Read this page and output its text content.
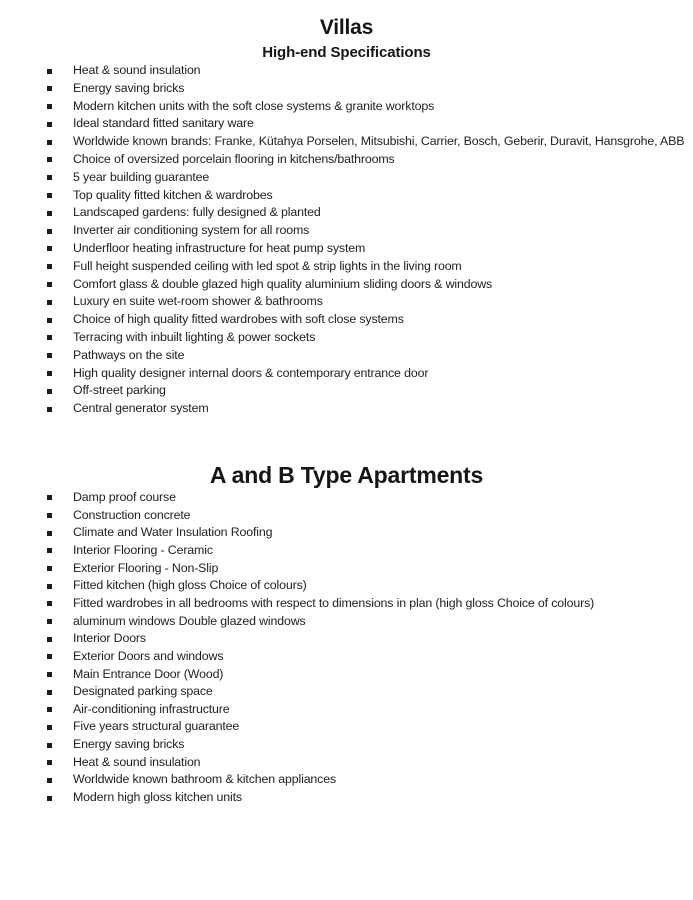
Villas
High-end Specifications
Heat & sound insulation
Energy saving bricks
Modern kitchen units with the soft close systems & granite worktops
Ideal standard fitted sanitary ware
Worldwide known brands: Franke, Kütahya Porselen, Mitsubishi, Carrier, Bosch, Geberir, Duravit, Hansgrohe, ABB
Choice of oversized porcelain flooring in kitchens/bathrooms
5 year building guarantee
Top quality fitted kitchen & wardrobes
Landscaped gardens: fully designed & planted
Inverter air conditioning system for all rooms
Underfloor heating infrastructure for heat pump system
Full height suspended ceiling with led spot & strip lights in the living room
Comfort glass & double glazed high quality aluminium sliding doors & windows
Luxury en suite wet-room shower & bathrooms
Choice of high quality fitted wardrobes with soft close systems
Terracing with inbuilt lighting & power sockets
Pathways on the site
High quality designer internal doors & contemporary entrance door
Off-street parking
Central generator system
A and B Type Apartments
Damp proof course
Construction concrete
Climate and Water Insulation Roofing
Interior Flooring - Ceramic
Exterior Flooring - Non-Slip
Fitted kitchen (high gloss Choice of colours)
Fitted wardrobes in all bedrooms with respect to dimensions in plan (high gloss Choice of colours)
aluminum windows Double glazed windows
Interior Doors
Exterior Doors and windows
Main Entrance Door (Wood)
Designated parking space
Air-conditioning infrastructure
Five years structural guarantee
Energy saving bricks
Heat & sound insulation
Worldwide known bathroom & kitchen appliances
Modern high gloss kitchen units
